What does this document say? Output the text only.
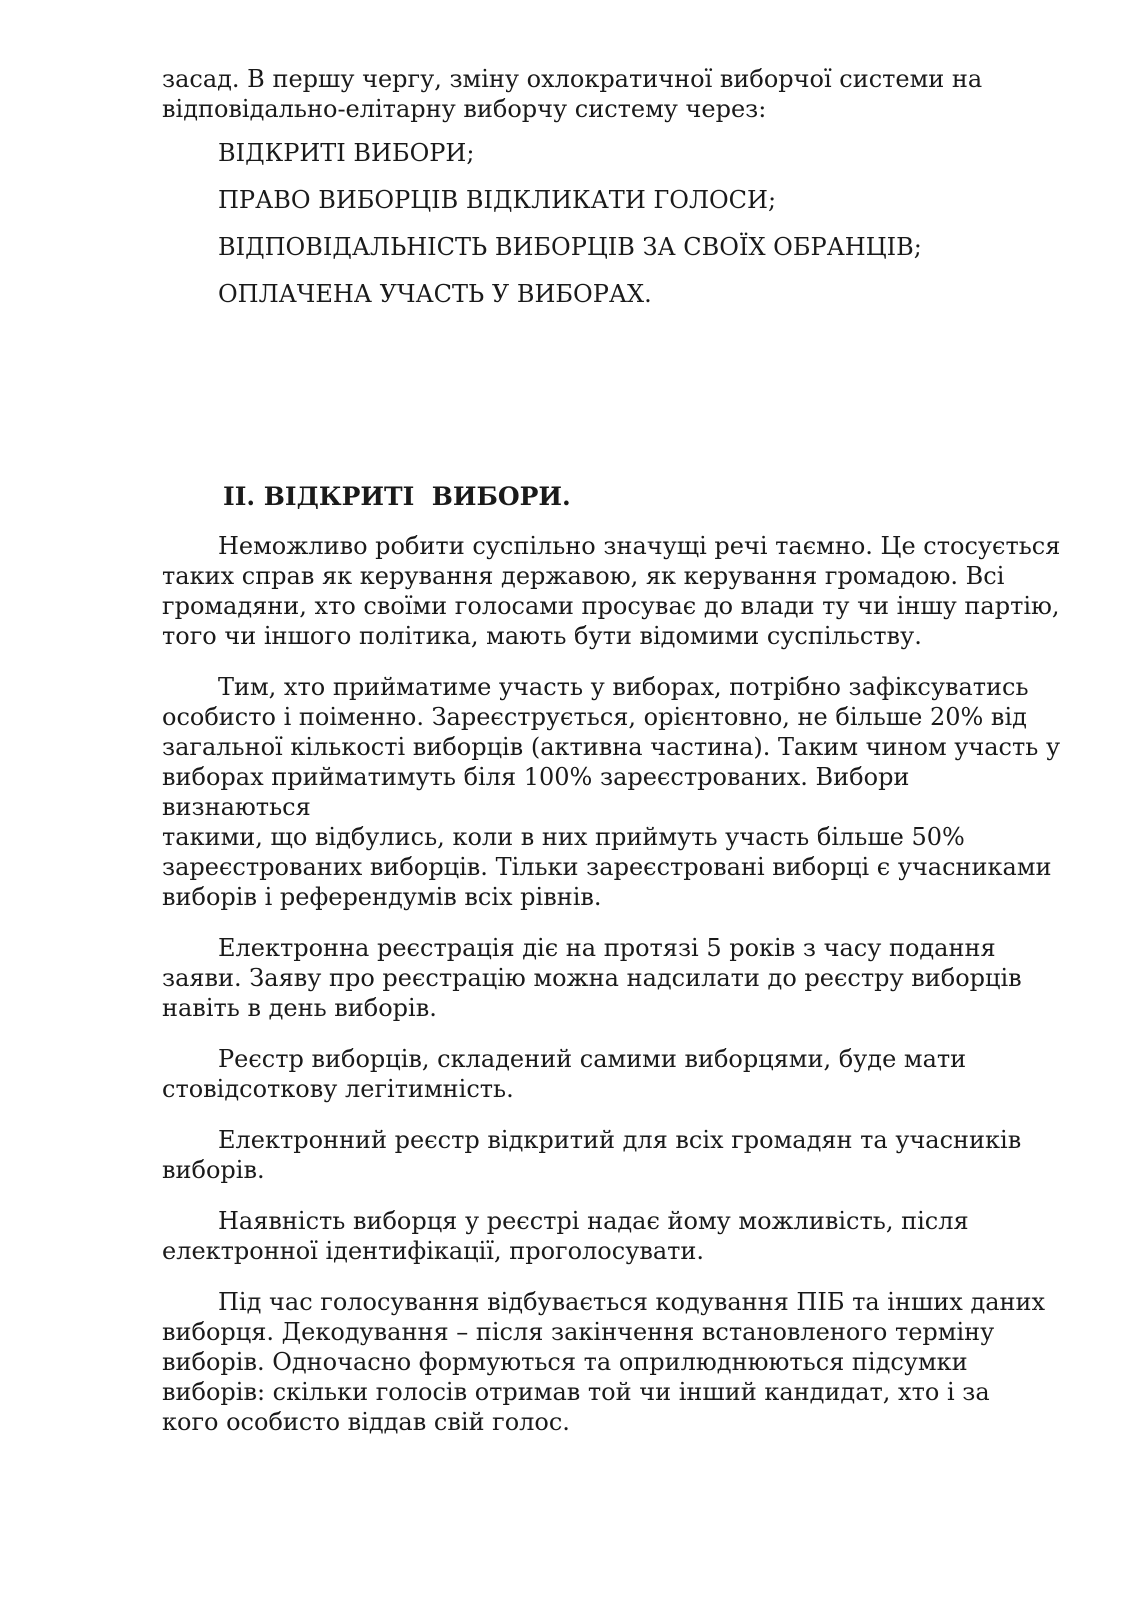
засад. В першу чергу, зміну охлократичної виборчої системи на
відповідально-елітарну виборчу систему через:

ВІДКРИТІ ВИБОРИ;
ПРАВО ВИБОРЦІВ ВІДКЛИКАТИ ГОЛОСИ;
ВІДПОВІДАЛЬНІСТЬ ВИБОРЦІВ ЗА СВОЇХ ОБРАНЦІВ;
ОПЛАЧЕНА УЧАСТЬ У ВИБОРАХ.
ІІ. ВІДКРИТІ  ВИБОРИ.

Неможливо робити суспільно значущі речі таємно. Це стосується
таких справ як керування державою, як керування громадою. Всі
громадяни, хто своїми голосами просуває до влади ту чи іншу партію,
того чи іншого політика, мають бути відомими суспільству.

Тим, хто прийматиме участь у виборах, потрібно зафіксуватись
особисто і поіменно. Зареєструється, орієнтовно, не більше 20% від
загальної кількості виборців (активна частина). Таким чином участь у
виборах прийматимуть біля 100% зареєстрованих. Вибори визнаються
такими, що відбулись, коли в них приймуть участь більше 50%
зареєстрованих виборців. Тільки зареєстровані виборці є учасниками
виборів і референдумів всіх рівнів.

Електронна реєстрація діє на протязі 5 років з часу подання
заяви. Заяву про реєстрацію можна надсилати до реєстру виборців
навіть в день виборів.

Реєстр виборців, складений самими виборцями, буде мати
стовідсоткову легітимність.

Електронний реєстр відкритий для всіх громадян та учасників
виборів.

Наявність виборця у реєстрі надає йому можливість, після
електронної ідентифікації, проголосувати.

Під час голосування відбувається кодування ПІБ та інших даних
виборця. Декодування – після закінчення встановленого терміну
виборів. Одночасно формуються та оприлюднюються підсумки
виборів: скільки голосів отримав той чи інший кандидат, хто і за
кого особисто віддав свій голос.
